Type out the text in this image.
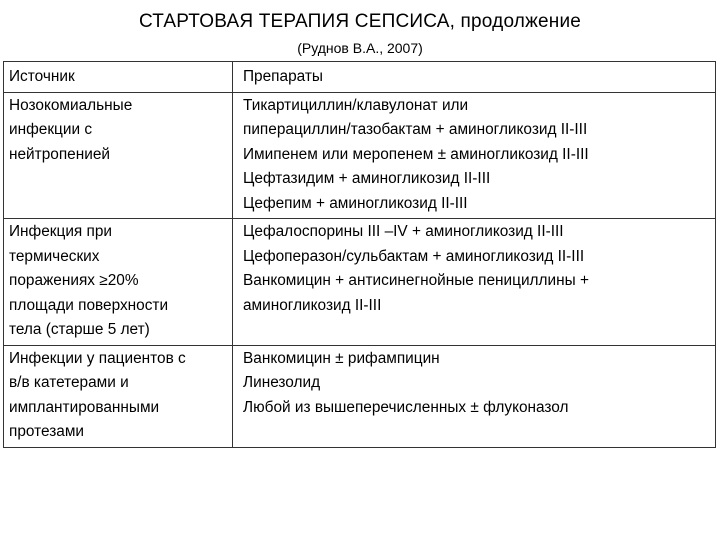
СТАРТОВАЯ ТЕРАПИЯ СЕПСИСА, продолжение
(Руднов В.А., 2007)
Источник	Препараты

Нозокомиальные
инфекции с
нейтропенией	Тикартициллин/клавулонат или
пиперациллин/тазобактам + аминогликозид II-III
Имипенем или меропенем ± аминогликозид II-III
Цефтазидим + аминогликозид II-III
Цефепим + аминогликозид II-III

Инфекция при
термических
поражениях ≥20%
площади поверхности
тела (старше 5 лет)	Цефалоспорины III –IV + аминогликозид II-III
Цефоперазон/сульбактам + аминогликозид II-III
Ванкомицин + антисинегнойные пенициллины +
аминогликозид II-III

Инфекции у пациентов с
в/в катетерами и
имплантированными
протезами	Ванкомицин ± рифампицин
Линезолид
Любой из вышеперечисленных ± флуконазол
